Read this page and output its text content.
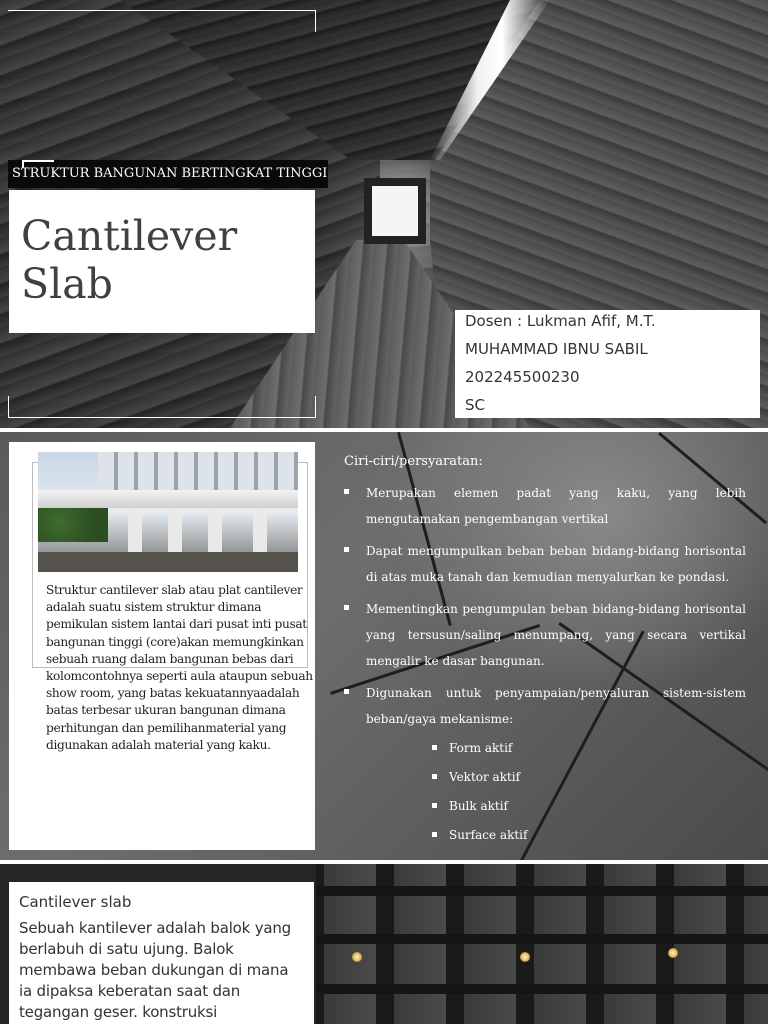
STRUKTUR BANGUNAN BERTINGKAT TINGGI
Cantilever
Slab
Dosen : Lukman Afif, M.T.
MUHAMMAD IBNU SABIL
202245500230
SC
Struktur cantilever slab atau plat cantilever adalah suatu sistem struktur dimana pemikulan sistem lantai dari pusat inti pusat bangunan tinggi (core)akan memungkinkan sebuah ruang dalam bangunan bebas dari kolomcontohnya seperti aula ataupun sebuah show room, yang batas kekuatannyaadalah batas terbesar ukuran bangunan dimana perhitungan dan pemilihanmaterial yang digunakan adalah material yang kaku.
Ciri-ciri/persyaratan:
Merupakan elemen padat yang kaku, yang lebih mengutamakan pengembangan vertikal
Dapat mengumpulkan beban beban bidang-bidang horisontal di atas muka tanah dan kemudian menyalurkan ke pondasi.
Mementingkan pengumpulan beban bidang-bidang horisontal yang tersusun/saling menumpang, yang secara vertikal mengalir ke dasar bangunan.
Digunakan untuk penyampaian/penyaluran sistem-sistem beban/gaya mekanisme:
Form aktif
Vektor aktif
Bulk aktif
Surface aktif
Cantilever slab
Sebuah kantilever adalah balok yang berlabuh di satu ujung. Balok membawa beban dukungan di mana ia dipaksa keberatan saat dan tegangan geser. konstruksi
